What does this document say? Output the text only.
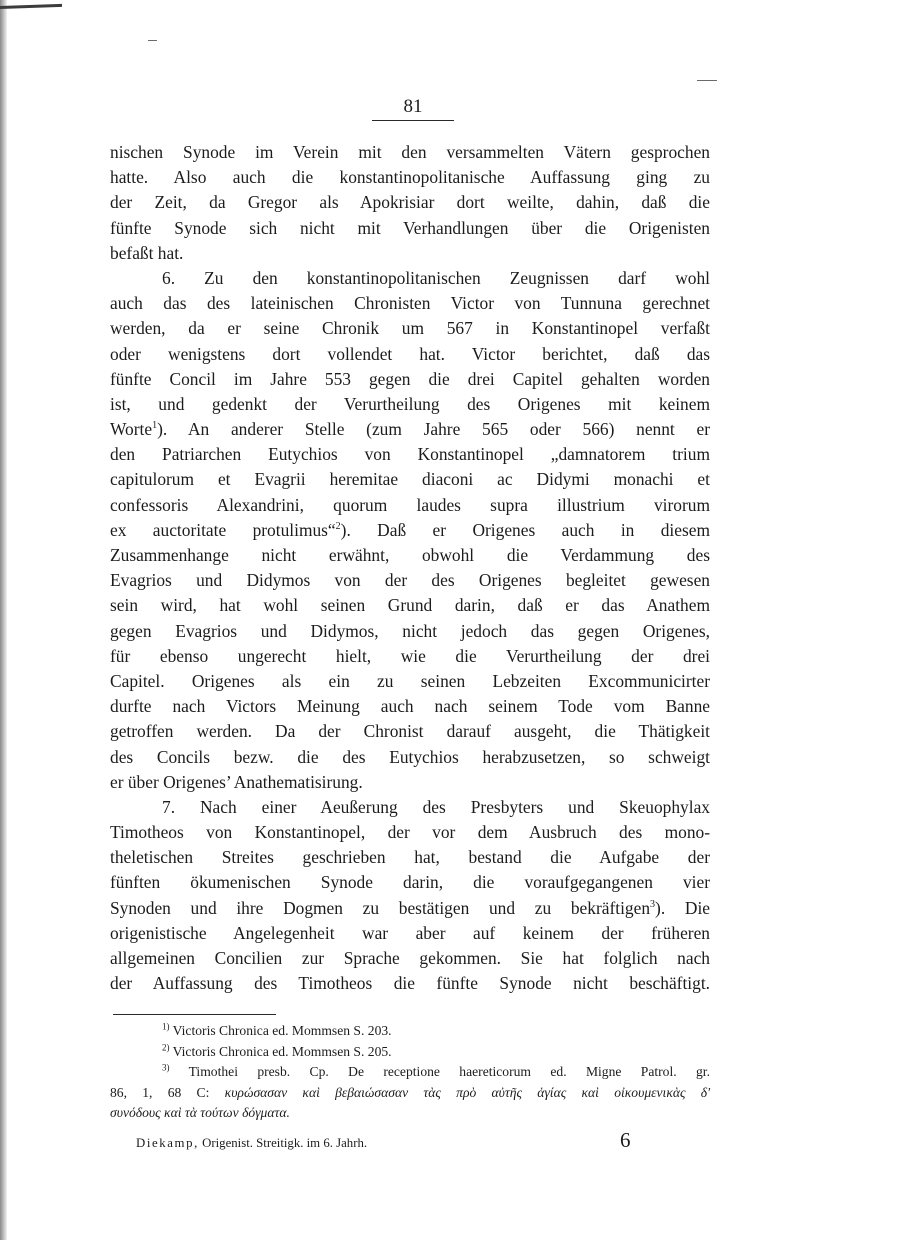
81
nischen Synode im Verein mit den versammelten Vätern gesprochen
hatte. Also auch die konstantinopolitanische Auffassung ging zu
der Zeit, da Gregor als Apokrisiar dort weilte, dahin, daß die
fünfte Synode sich nicht mit Verhandlungen über die Origenisten
befaßt hat.
6. Zu den konstantinopolitanischen Zeugnissen darf wohl
auch das des lateinischen Chronisten Victor von Tunnuna gerechnet
werden, da er seine Chronik um 567 in Konstantinopel verfaßt
oder wenigstens dort vollendet hat. Victor berichtet, daß das
fünfte Concil im Jahre 553 gegen die drei Capitel gehalten worden
ist, und gedenkt der Verurtheilung des Origenes mit keinem
Worte$^1$). An anderer Stelle (zum Jahre 565 oder 566) nennt er
den Patriarchen Eutychios von Konstantinopel „damnatorem trium
capitulorum et Evagrii heremitae diaconi ac Didymi monachi et
confessoris Alexandrini, quorum laudes supra illustrium virorum
ex auctoritate protulimus“$^2$). Daß er Origenes auch in diesem
Zusammenhange nicht erwähnt, obwohl die Verdammung des
Evagrios und Didymos von der des Origenes begleitet gewesen
sein wird, hat wohl seinen Grund darin, daß er das Anathem
gegen Evagrios und Didymos, nicht jedoch das gegen Origenes,
für ebenso ungerecht hielt, wie die Verurtheilung der drei
Capitel. Origenes als ein zu seinen Lebzeiten Excommunicirter
durfte nach Victors Meinung auch nach seinem Tode vom Banne
getroffen werden. Da der Chronist darauf ausgeht, die Thätigkeit
des Concils bezw. die des Eutychios herabzusetzen, so schweigt
er über Origenes’ Anathematisirung.
7. Nach einer Aeußerung des Presbyters und Skeuophylax
Timotheos von Konstantinopel, der vor dem Ausbruch des mono-
theletischen Streites geschrieben hat, bestand die Aufgabe der
fünften ökumenischen Synode darin, die voraufgegangenen vier
Synoden und ihre Dogmen zu bestätigen und zu bekräftigen$^3$). Die
origenistische Angelegenheit war aber auf keinem der früheren
allgemeinen Concilien zur Sprache gekommen. Sie hat folglich nach
der Auffassung des Timotheos die fünfte Synode nicht beschäftigt.
$^{1)}$ Victoris Chronica ed. Mommsen S. 203.
$^{2)}$ Victoris Chronica ed. Mommsen S. 205.
$^{3)}$ Timothei presb. Cp. De receptione haereticorum ed. Migne Patrol. gr.
86, 1, 68 C: κυρώσασαν καὶ βεβαιώσασαν τὰς πρὸ αὐτῆς ἁγίας καὶ οἰκουμενικὰς δ'
συνόδους καὶ τὰ τούτων δόγματα.
Diekamp, Origenist. Streitigk. im 6. Jahrh.	6
